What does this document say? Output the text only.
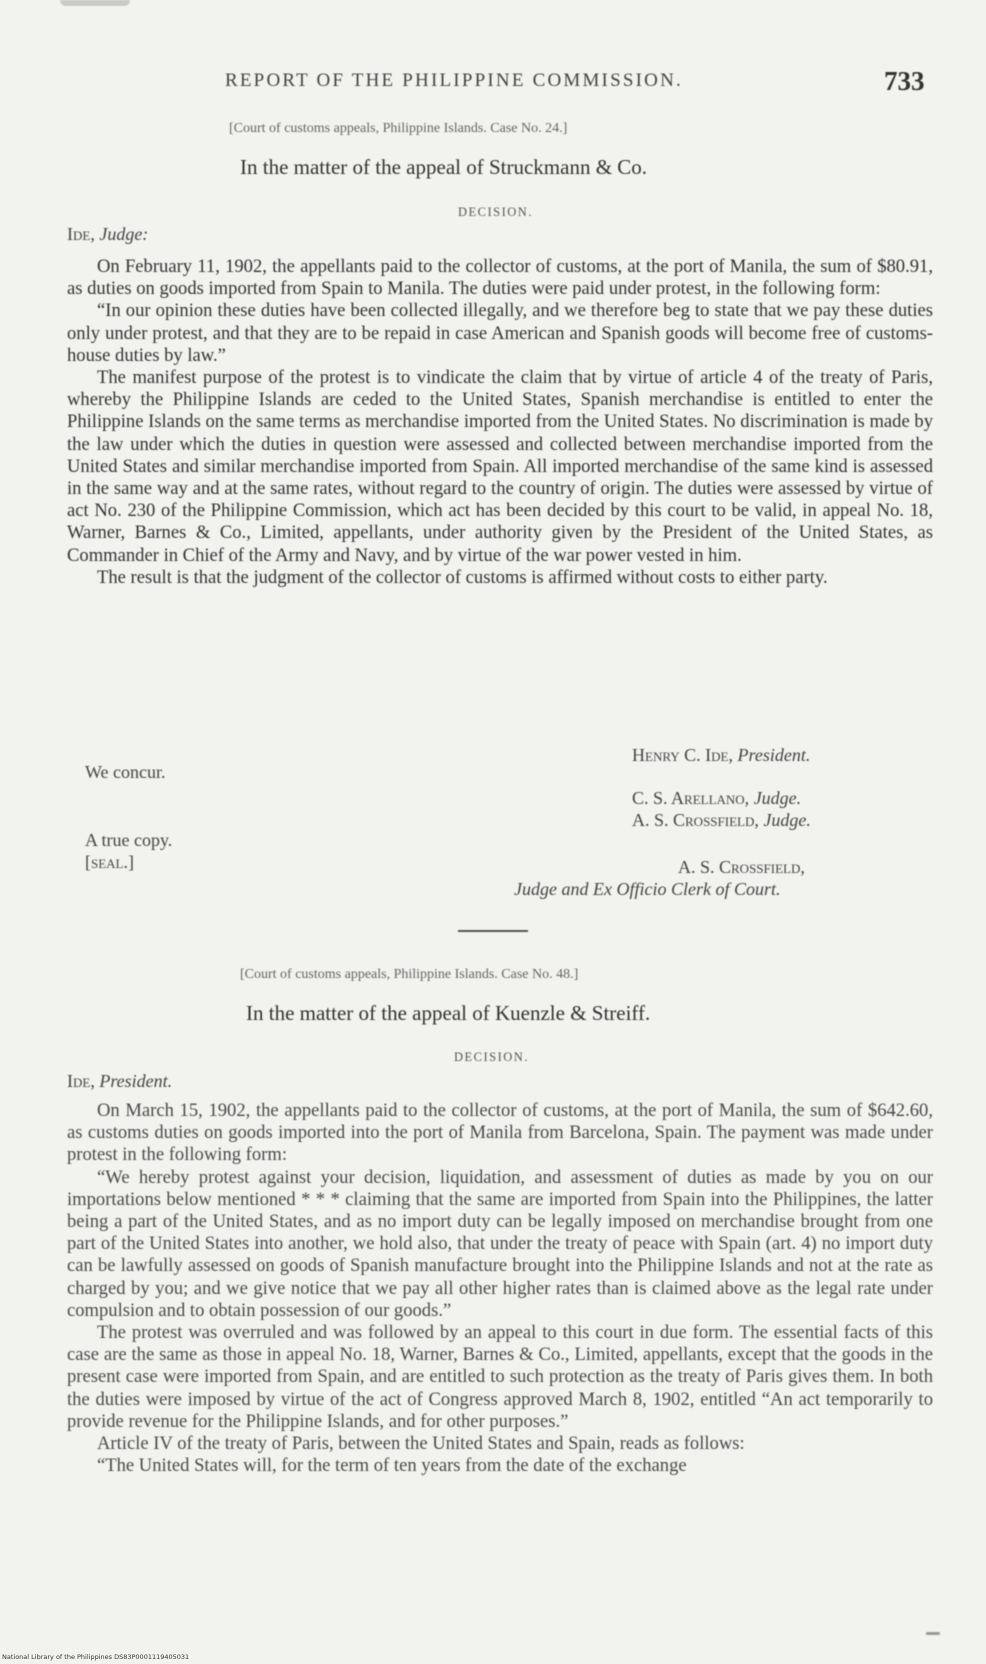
REPORT OF THE PHILIPPINE COMMISSION.	733
[Court of customs appeals, Philippine Islands. Case No. 24.]
In the matter of the appeal of Struckmann & Co.
DECISION.
Ide, Judge:

On February 11, 1902, the appellants paid to the collector of customs, at the port of Manila, the sum of $80.91, as duties on goods imported from Spain to Manila. The duties were paid under protest, in the following form:

“In our opinion these duties have been collected illegally, and we therefore beg to state that we pay these duties only under protest, and that they are to be repaid in case American and Spanish goods will become free of customs-house duties by law.”

The manifest purpose of the protest is to vindicate the claim that by virtue of article 4 of the treaty of Paris, whereby the Philippine Islands are ceded to the United States, Spanish merchandise is entitled to enter the Philippine Islands on the same terms as merchandise imported from the United States. No discrimination is made by the law under which the duties in question were assessed and collected between merchandise imported from the United States and similar merchandise imported from Spain. All imported merchandise of the same kind is assessed in the same way and at the same rates, without regard to the country of origin. The duties were assessed by virtue of act No. 230 of the Philippine Commission, which act has been decided by this court to be valid, in appeal No. 18, Warner, Barnes & Co., Limited, appellants, under authority given by the President of the United States, as Commander in Chief of the Army and Navy, and by virtue of the war power vested in him.

The result is that the judgment of the collector of customs is affirmed without costs to either party.

Henry C. Ide, President.
We concur.
C. S. Arellano, Judge.
A. S. Crossfield, Judge.
A true copy.
[seal.]	A. S. Crossfield,
Judge and Ex Officio Clerk of Court.
[Court of customs appeals, Philippine Islands. Case No. 48.]
In the matter of the appeal of Kuenzle & Streiff.
DECISION.
Ide, President.

On March 15, 1902, the appellants paid to the collector of customs, at the port of Manila, the sum of $642.60, as customs duties on goods imported into the port of Manila from Barcelona, Spain. The payment was made under protest in the following form:

“We hereby protest against your decision, liquidation, and assessment of duties as made by you on our importations below mentioned * * * claiming that the same are imported from Spain into the Philippines, the latter being a part of the United States, and as no import duty can be legally imposed on merchandise brought from one part of the United States into another, we hold also, that under the treaty of peace with Spain (art. 4) no import duty can be lawfully assessed on goods of Spanish manufacture brought into the Philippine Islands and not at the rate as charged by you; and we give notice that we pay all other higher rates than is claimed above as the legal rate under compulsion and to obtain possession of our goods.”

The protest was overruled and was followed by an appeal to this court in due form. The essential facts of this case are the same as those in appeal No. 18, Warner, Barnes & Co., Limited, appellants, except that the goods in the present case were imported from Spain, and are entitled to such protection as the treaty of Paris gives them. In both the duties were imposed by virtue of the act of Congress approved March 8, 1902, entitled “An act temporarily to provide revenue for the Philippine Islands, and for other purposes.”

Article IV of the treaty of Paris, between the United States and Spain, reads as follows:

“The United States will, for the term of ten years from the date of the exchange

National Library of the Philippines DS83P0001119405031
